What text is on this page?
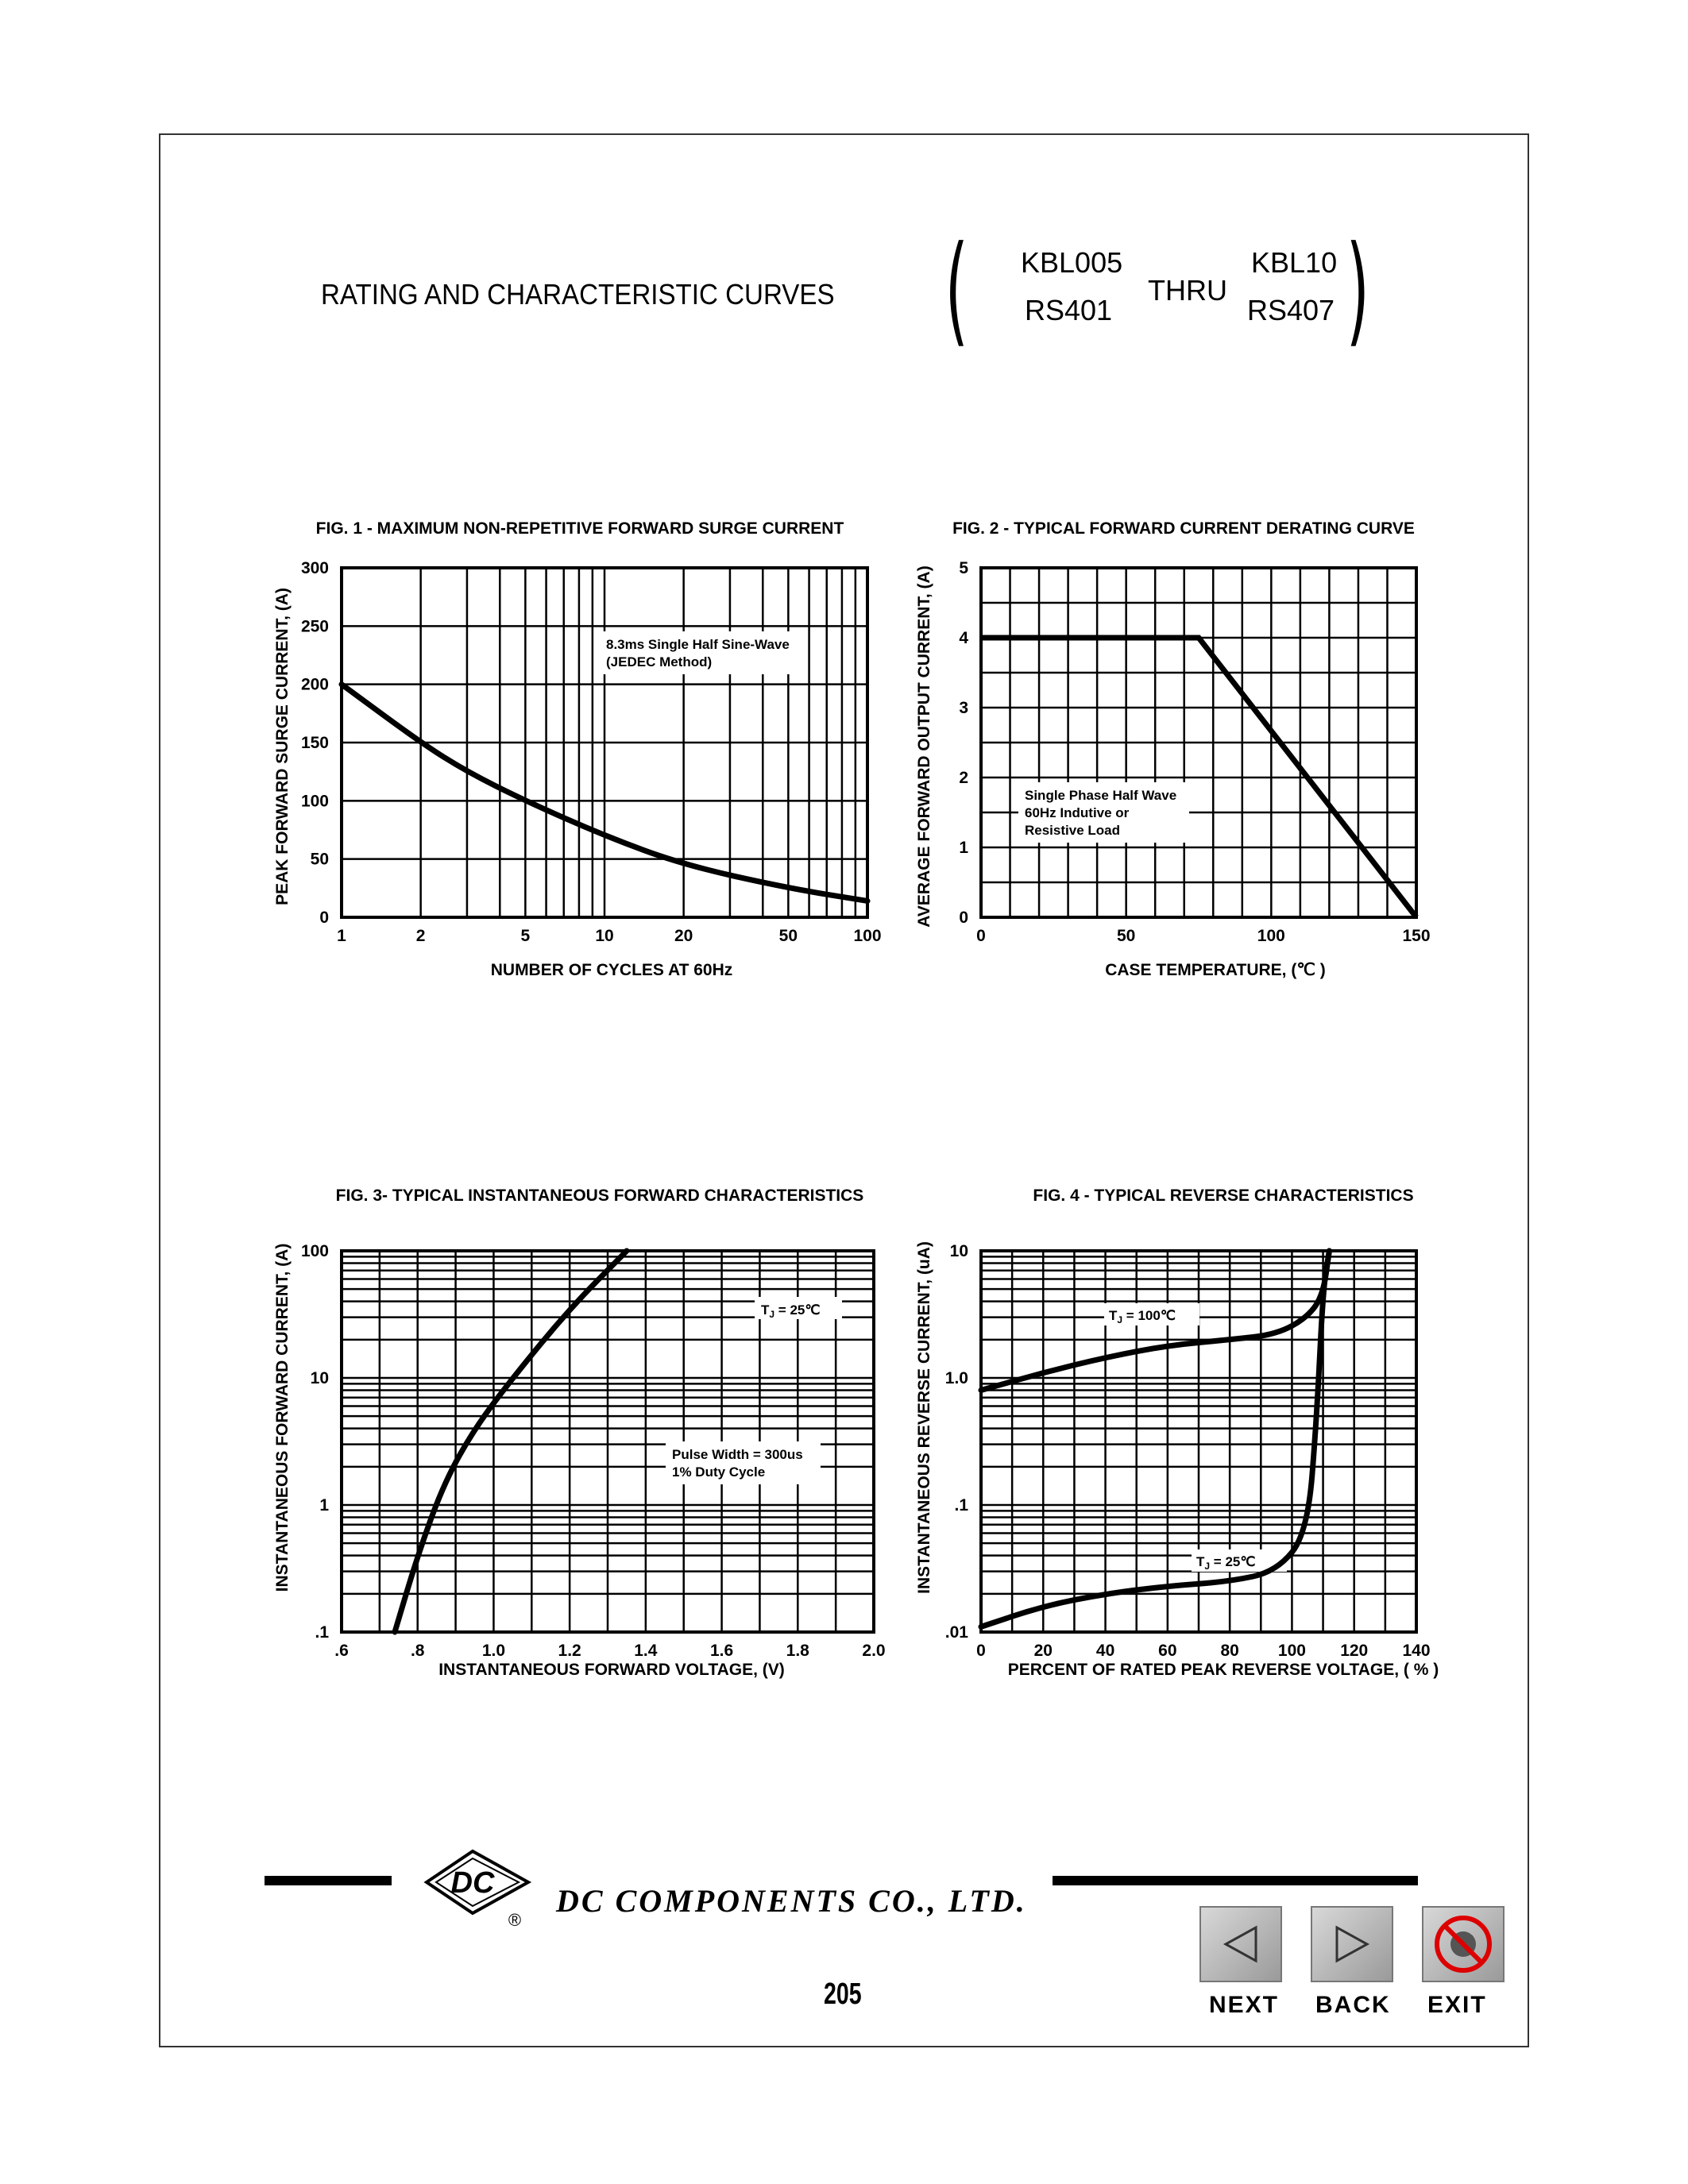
RATING AND CHARACTERISTIC CURVES ( KBL005
RS401
THRU
KBL10
RS407 )
FIG. 1 - MAXIMUM NON-REPETITIVE FORWARD SURGE CURRENT
PEAK FORWARD SURGE CURRENT, (A)
NUMBER OF CYCLES AT 60Hz
1	2	5	10	20	50	100
0
50
100
150
200
250
300
8.3ms Single Half Sine-Wave
(JEDEC Method)
FIG. 2 - TYPICAL FORWARD CURRENT DERATING CURVE
AVERAGE FORWARD OUTPUT CURRENT, (A)
CASE TEMPERATURE, (℃ )
0	50	100	150
0
1
2
3
4
5
Single Phase Half Wave
60Hz Indutive or
Resistive Load
FIG. 3- TYPICAL INSTANTANEOUS FORWARD CHARACTERISTICS
INSTANTANEOUS FORWARD CURRENT, (A)
INSTANTANEOUS FORWARD VOLTAGE, (V)
.6	.8	1.0	1.2	1.4	1.6	1.8	2.0
.1
1
10
100
$T_J$ = 25℃
Pulse Width = 300us
1% Duty Cycle
FIG. 4 - TYPICAL REVERSE CHARACTERISTICS
INSTANTANEOUS REVERSE CURRENT, (uA)
PERCENT OF RATED PEAK REVERSE VOLTAGE, ( % )
0	20	40	60	80 100 120 140
.01
.1
1.0
10
$T_J$ = 100℃
$T_J$ = 25℃
DC
®
DC COMPONENTS CO., LTD.
205	NEXT BACK EXIT
